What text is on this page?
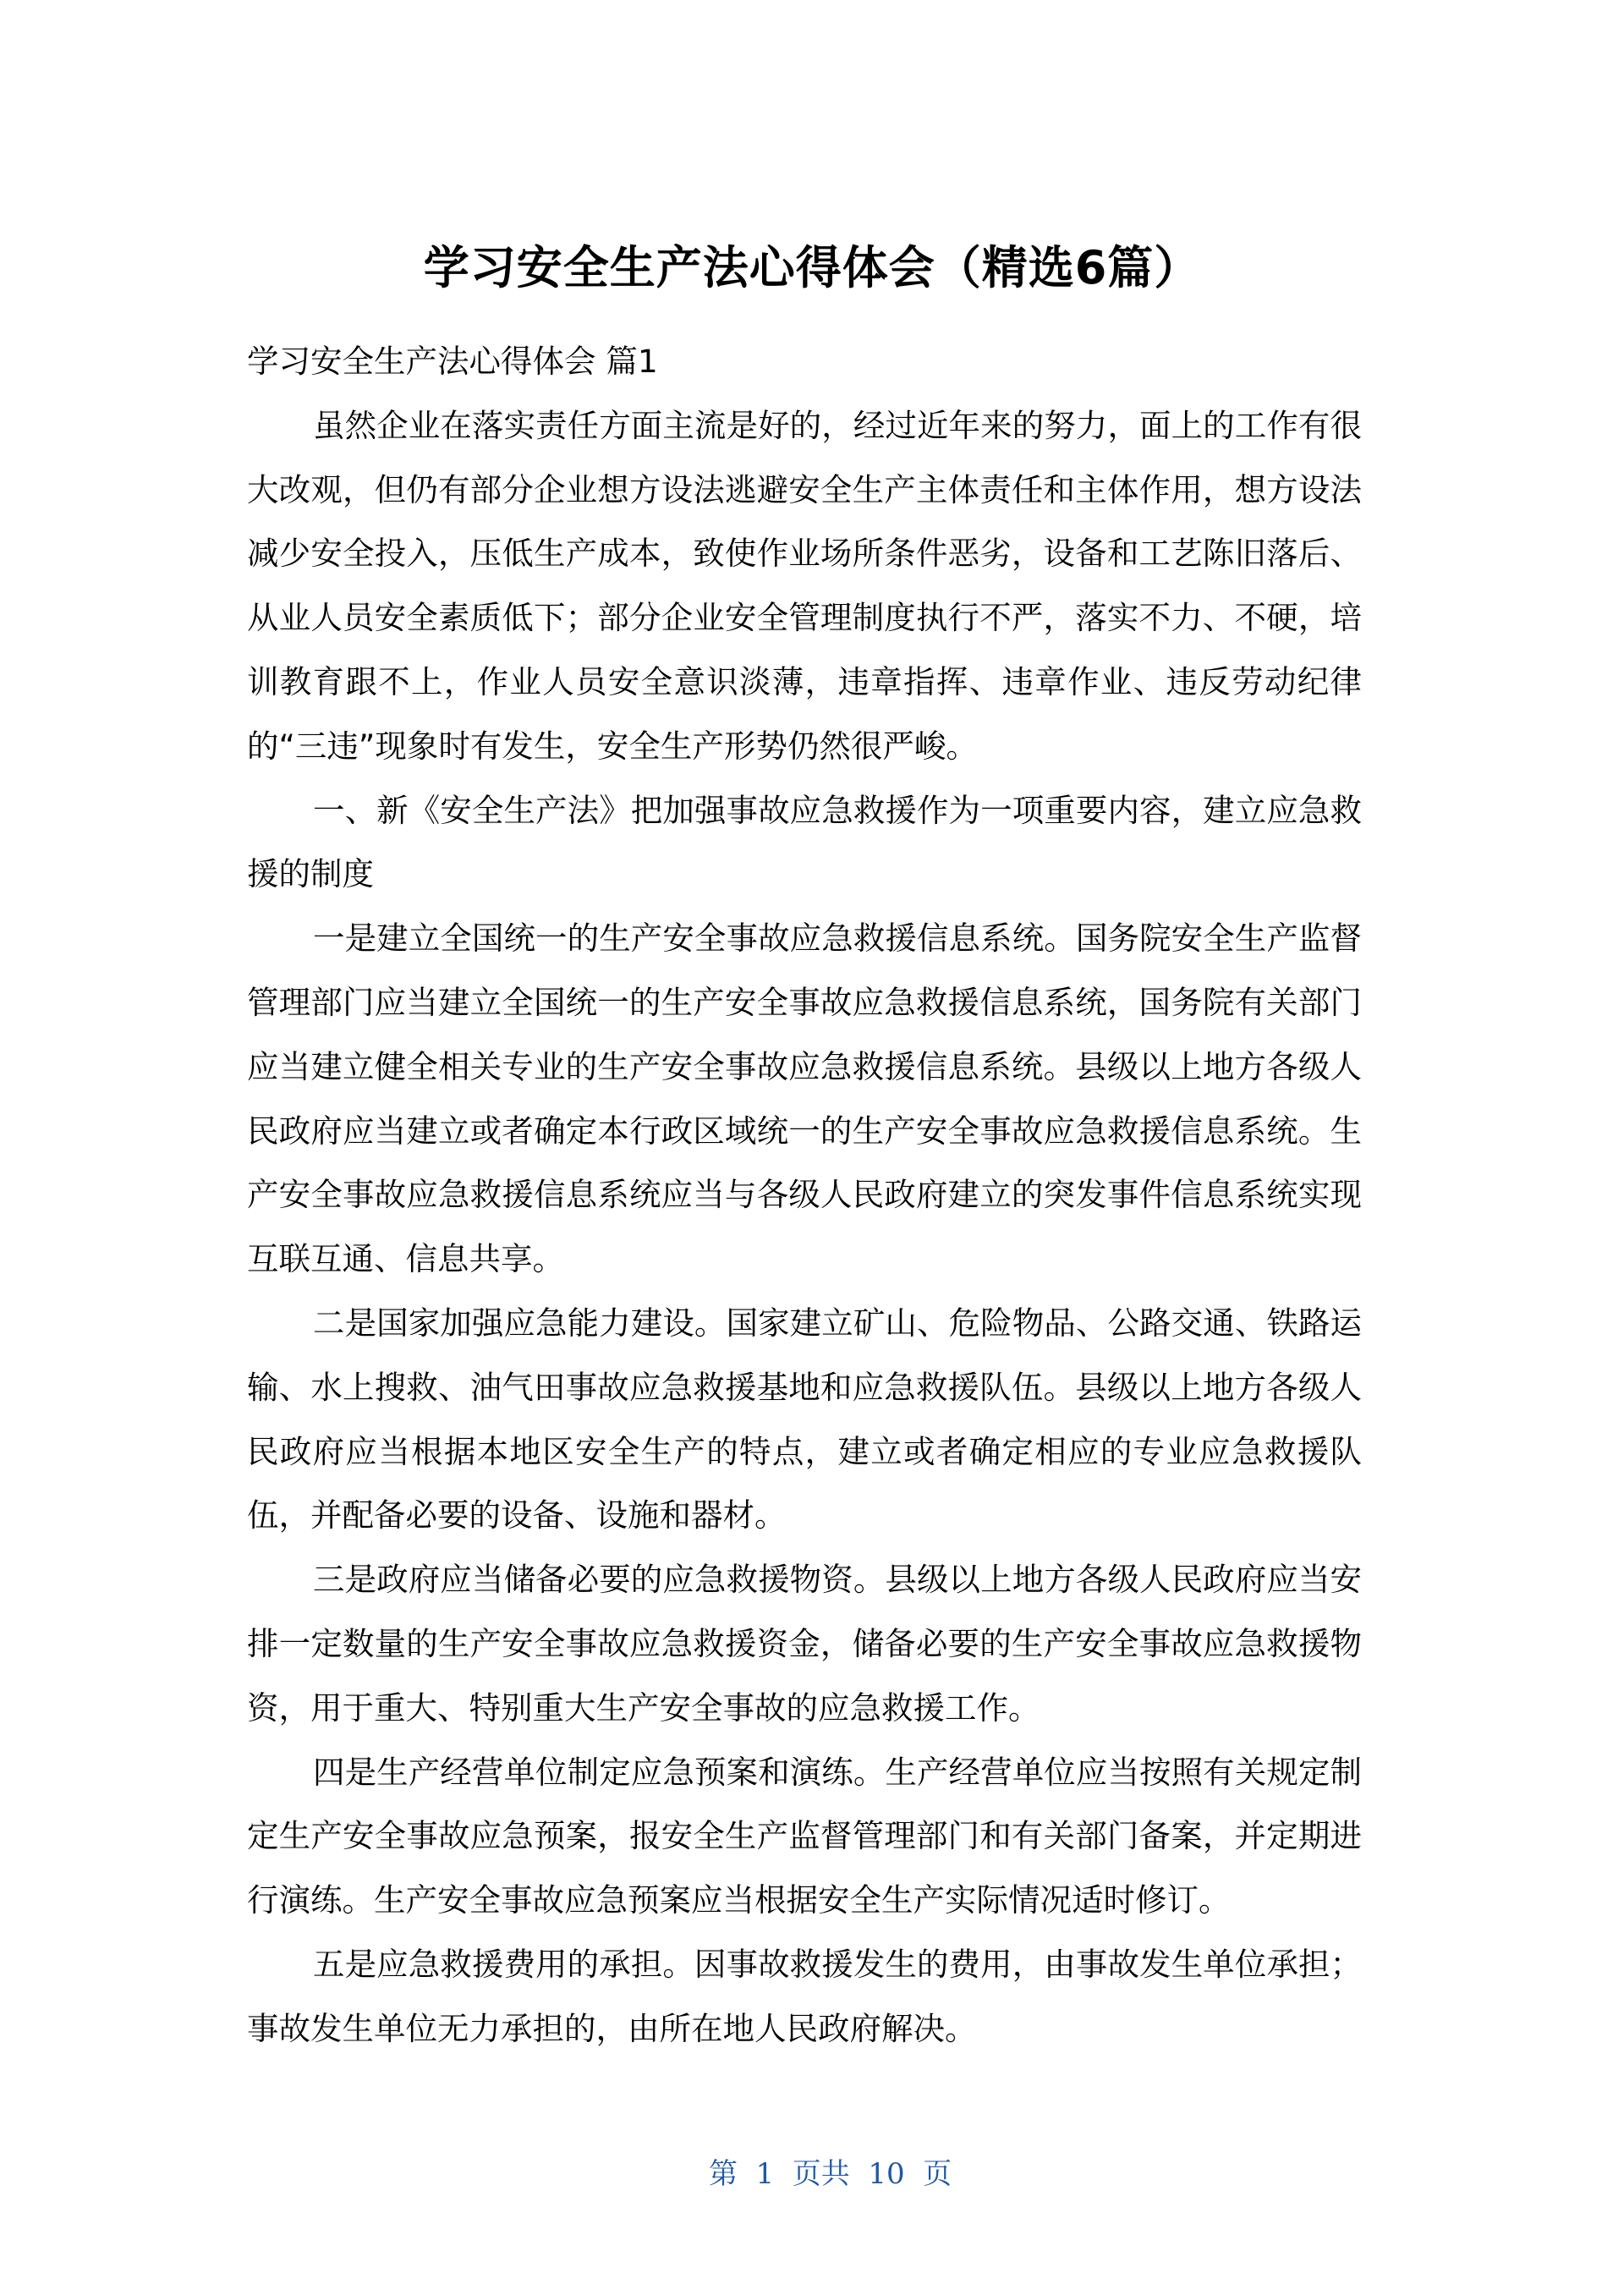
学习安全生产法心得体会（精选6篇）

学习安全生产法心得体会 篇1

虽然企业在落实责任方面主流是好的，经过近年来的努力，面上的工作有很大改观，但仍有部分企业想方设法逃避安全生产主体责任和主体作用，想方设法减少安全投入，压低生产成本，致使作业场所条件恶劣，设备和工艺陈旧落后、从业人员安全素质低下；部分企业安全管理制度执行不严，落实不力、不硬，培训教育跟不上，作业人员安全意识淡薄，违章指挥、违章作业、违反劳动纪律的“三违”现象时有发生，安全生产形势仍然很严峻。

一、新《安全生产法》把加强事故应急救援作为一项重要内容，建立应急救援的制度

一是建立全国统一的生产安全事故应急救援信息系统。国务院安全生产监督管理部门应当建立全国统一的生产安全事故应急救援信息系统，国务院有关部门应当建立健全相关专业的生产安全事故应急救援信息系统。县级以上地方各级人民政府应当建立或者确定本行政区域统一的生产安全事故应急救援信息系统。生产安全事故应急救援信息系统应当与各级人民政府建立的突发事件信息系统实现互联互通、信息共享。

二是国家加强应急能力建设。国家建立矿山、危险物品、公路交通、铁路运输、水上搜救、油气田事故应急救援基地和应急救援队伍。县级以上地方各级人民政府应当根据本地区安全生产的特点，建立或者确定相应的专业应急救援队伍，并配备必要的设备、设施和器材。

三是政府应当储备必要的应急救援物资。县级以上地方各级人民政府应当安排一定数量的生产安全事故应急救援资金，储备必要的生产安全事故应急救援物资，用于重大、特别重大生产安全事故的应急救援工作。

四是生产经营单位制定应急预案和演练。生产经营单位应当按照有关规定制定生产安全事故应急预案，报安全生产监督管理部门和有关部门备案，并定期进行演练。生产安全事故应急预案应当根据安全生产实际情况适时修订。

五是应急救援费用的承担。因事故救援发生的费用，由事故发生单位承担；事故发生单位无力承担的，由所在地人民政府解决。

第  1  页共  10  页
